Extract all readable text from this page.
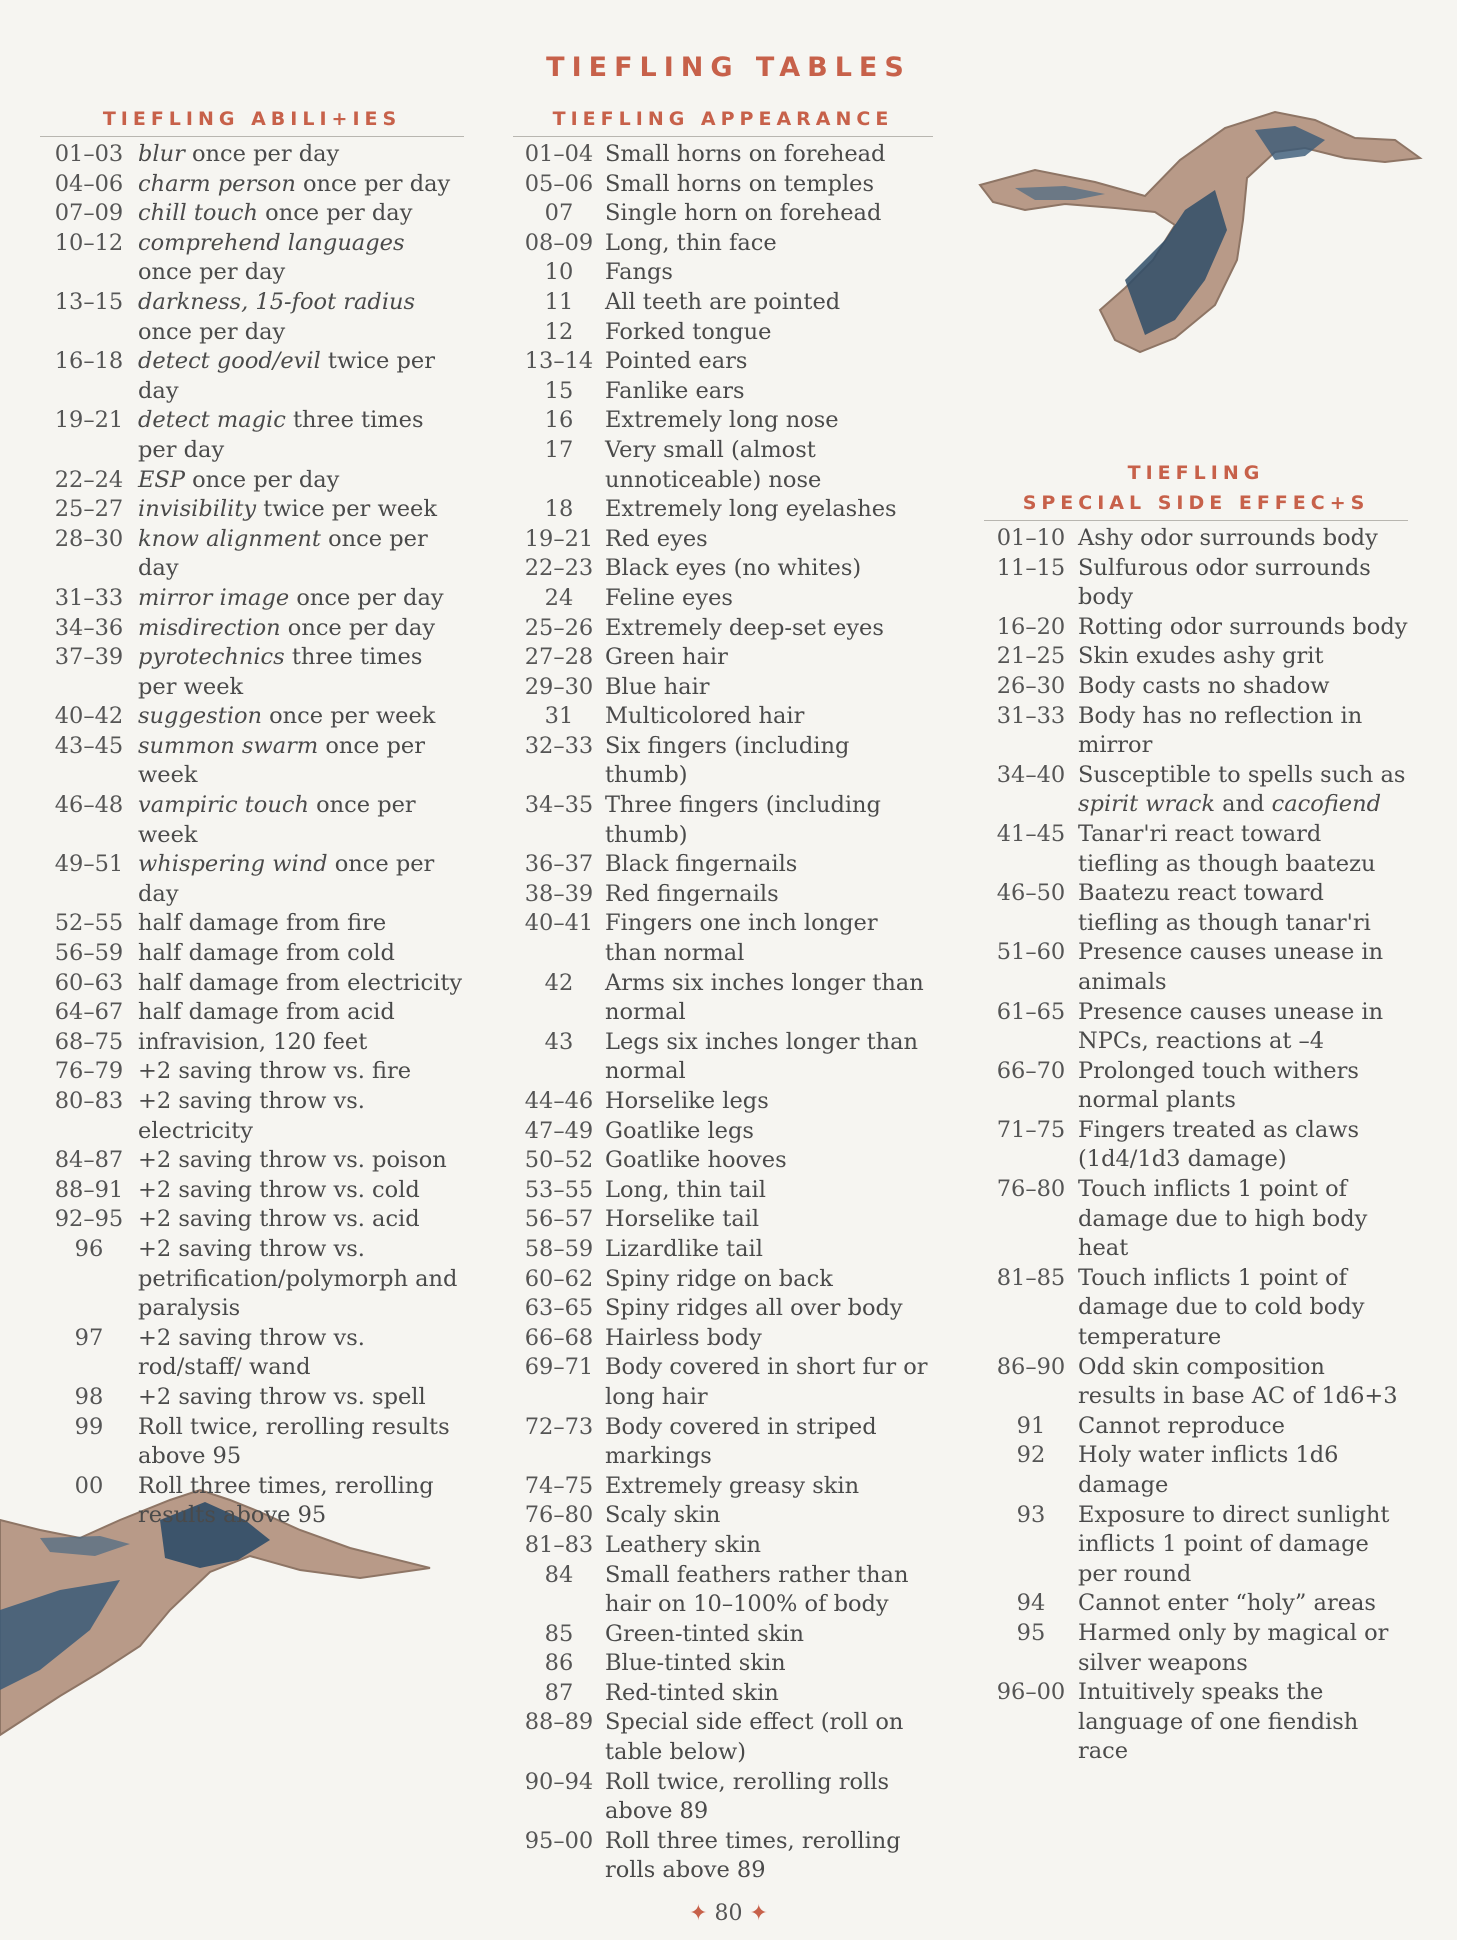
TIEFLING TABLES
TIEFLING ABILI+IES
01–03 blur once per day
04–06 charm person once per day
07–09 chill touch once per day
10–12 comprehend languages once per day
13–15 darkness, 15-foot radius once per day
16–18 detect good/evil twice per day
19–21 detect magic three times per day
22–24 ESP once per day
25–27 invisibility twice per week
28–30 know alignment once per day
31–33 mirror image once per day
34–36 misdirection once per day
37–39 pyrotechnics three times per week
40–42 suggestion once per week
43–45 summon swarm once per week
46–48 vampiric touch once per week
49–51 whispering wind once per day
52–55 half damage from fire
56–59 half damage from cold
60–63 half damage from electricity
64–67 half damage from acid
68–75 infravision, 120 feet
76–79 +2 saving throw vs. fire
80–83 +2 saving throw vs. electricity
84–87 +2 saving throw vs. poison
88–91 +2 saving throw vs. cold
92–95 +2 saving throw vs. acid
96	+2 saving throw vs. petrification/polymorph and paralysis
97	+2 saving throw vs. rod/staff/ wand
98	+2 saving throw vs. spell
99	Roll twice, rerolling results above 95
00	Roll three times, rerolling results above 95
TIEFLING APPEARANCE
01–04 Small horns on forehead
05–06 Small horns on temples
07	Single horn on forehead
08–09 Long, thin face
10	Fangs
11	All teeth are pointed
12	Forked tongue
13–14 Pointed ears
15	Fanlike ears
16	Extremely long nose
17	Very small (almost unnoticeable) nose
18	Extremely long eyelashes
19–21 Red eyes
22–23 Black eyes (no whites)
24	Feline eyes
25–26 Extremely deep-set eyes
27–28 Green hair
29–30 Blue hair
31	Multicolored hair
32–33 Six fingers (including thumb)
34–35 Three fingers (including thumb)
36–37 Black fingernails
38–39 Red fingernails
40–41 Fingers one inch longer than normal
42	Arms six inches longer than normal
43	Legs six inches longer than normal
44–46 Horselike legs
47–49 Goatlike legs
50–52 Goatlike hooves
53–55 Long, thin tail
56–57 Horselike tail
58–59 Lizardlike tail
60–62 Spiny ridge on back
63–65 Spiny ridges all over body
66–68 Hairless body
69–71 Body covered in short fur or long hair
72–73 Body covered in striped markings
74–75 Extremely greasy skin
76–80 Scaly skin
81–83 Leathery skin
84	Small feathers rather than hair on 10–100% of body
85	Green-tinted skin
86	Blue-tinted skin
87	Red-tinted skin
88–89 Special side effect (roll on table below)
90–94 Roll twice, rerolling rolls above 89
95–00 Roll three times, rerolling rolls above 89
TIEFLING
SPECIAL SIDE EFFEC+S
01–10 Ashy odor surrounds body
11–15 Sulfurous odor surrounds body
16–20 Rotting odor surrounds body
21–25 Skin exudes ashy grit
26–30 Body casts no shadow
31–33 Body has no reflection in mirror
34–40 Susceptible to spells such as spirit wrack and cacofiend
41–45 Tanar'ri react toward tiefling as though baatezu
46–50 Baatezu react toward tiefling as though tanar'ri
51–60 Presence causes unease in animals
61–65 Presence causes unease in NPCs, reactions at –4
66–70 Prolonged touch withers normal plants
71–75 Fingers treated as claws (1d4/1d3 damage)
76–80 Touch inflicts 1 point of damage due to high body heat
81–85 Touch inflicts 1 point of damage due to cold body temperature
86–90 Odd skin composition results in base AC of 1d6+3
91	Cannot reproduce
92	Holy water inflicts 1d6 damage
93	Exposure to direct sunlight inflicts 1 point of damage per round
94	Cannot enter “holy” areas
95	Harmed only by magical or silver weapons
96–00 Intuitively speaks the language of one fiendish race
✦ 80 ✦
